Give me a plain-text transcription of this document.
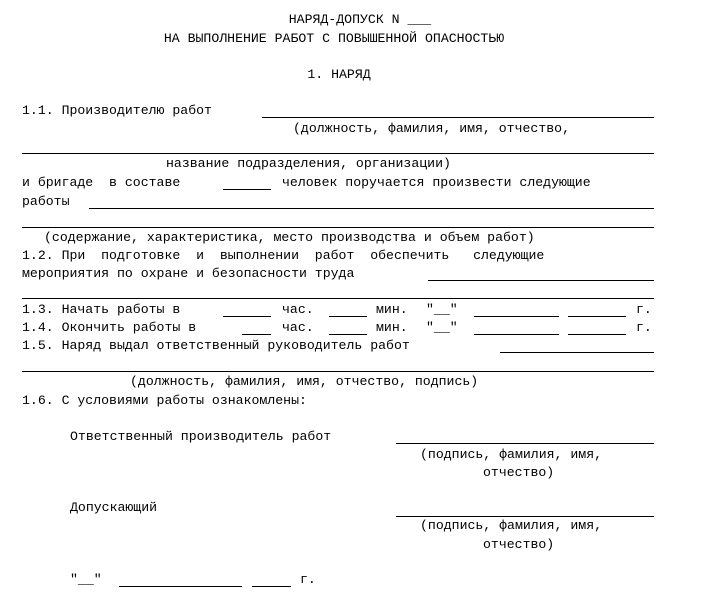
НАРЯД-ДОПУСК N ___
НА ВЫПОЛНЕНИЕ РАБОТ С ПОВЫШЕННОЙ ОПАСНОСТЬЮ
1. НАРЯД
1.1. Производителю работ
(должность, фамилия, имя, отчество,
название подразделения, организации)
и бригаде  в составе	человек поручается произвести следующие
работы
(содержание, характеристика, место производства и объем работ)
1.2. При  подготовке  и  выполнении  работ  обеспечить   следующие
мероприятия по охране и безопасности труда
1.3. Начать работы в	час.	мин. "__"	г.
1.4. Окончить работы в	час.	мин. "__"	г.
1.5. Наряд выдал ответственный руководитель работ
(должность, фамилия, имя, отчество, подпись)
1.6. С условиями работы ознакомлены:
Ответственный производитель работ
(подпись, фамилия, имя,
отчество)
Допускающий
(подпись, фамилия, имя,
отчество)
"__"	г.
